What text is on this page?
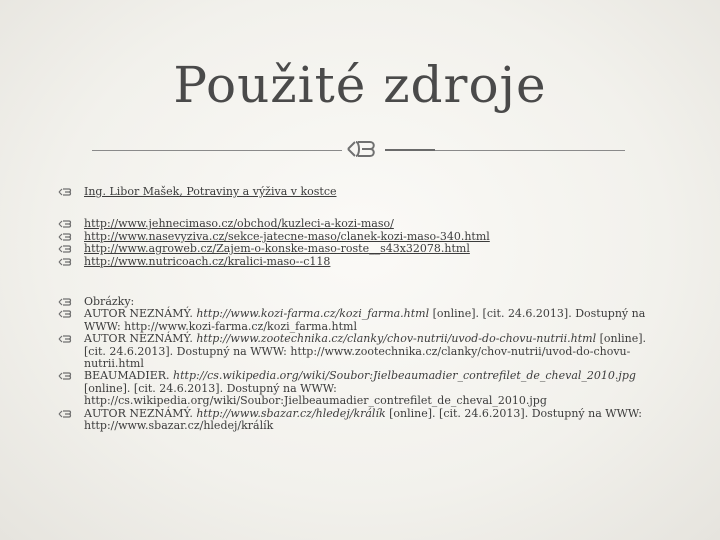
Použité zdroje
Ing. Libor Mašek, Potraviny a výživa v kostce
http://www.jehnecimaso.cz/obchod/kuzleci-a-kozi-maso/
http://www.nasevyziva.cz/sekce-jatecne-maso/clanek-kozi-maso-340.html
http://www.agroweb.cz/Zajem-o-konske-maso-roste__s43x32078.html
http://www.nutricoach.cz/kralici-maso--c118
Obrázky:
AUTOR NEZNÁMÝ. http://www.kozi-farma.cz/kozi_farma.html [online]. [cit. 24.6.2013]. Dostupný na WWW: http://www.kozi-farma.cz/kozi_farma.html
AUTOR NEZNÁMÝ. http://www.zootechnika.cz/clanky/chov-nutrii/uvod-do-chovu-nutrii.html [online]. [cit. 24.6.2013]. Dostupný na WWW: http://www.zootechnika.cz/clanky/chov-nutrii/uvod-do-chovu-nutrii.html
BEAUMADIER. http://cs.wikipedia.org/wiki/Soubor:Jielbeaumadier_contrefilet_de_cheval_2010.jpg [online]. [cit. 24.6.2013]. Dostupný na WWW: http://cs.wikipedia.org/wiki/Soubor:Jielbeaumadier_contrefilet_de_cheval_2010.jpg
AUTOR NEZNÁMÝ. http://www.sbazar.cz/hledej/králík [online]. [cit. 24.6.2013]. Dostupný na WWW: http://www.sbazar.cz/hledej/králík
